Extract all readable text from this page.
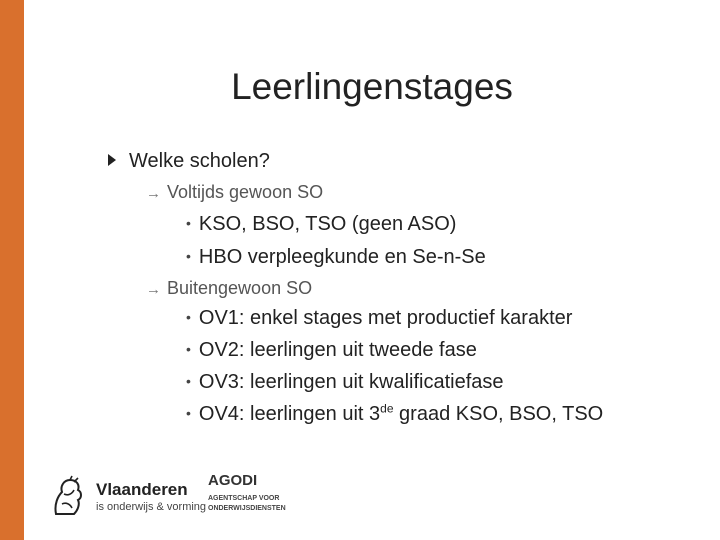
Leerlingenstages
Welke scholen?
→ Voltijds gewoon SO
• KSO, BSO, TSO (geen ASO)
• HBO verpleegkunde en Se-n-Se
→ Buitengewoon SO
• OV1: enkel stages met productief karakter
• OV2: leerlingen uit tweede fase
• OV3: leerlingen uit kwalificatiefase
• OV4: leerlingen uit 3de graad KSO, BSO, TSO
Vlaanderen
is onderwijs & vorming
AGODI
AGENTSCHAP VOOR
ONDERWIJSDIENSTEN
